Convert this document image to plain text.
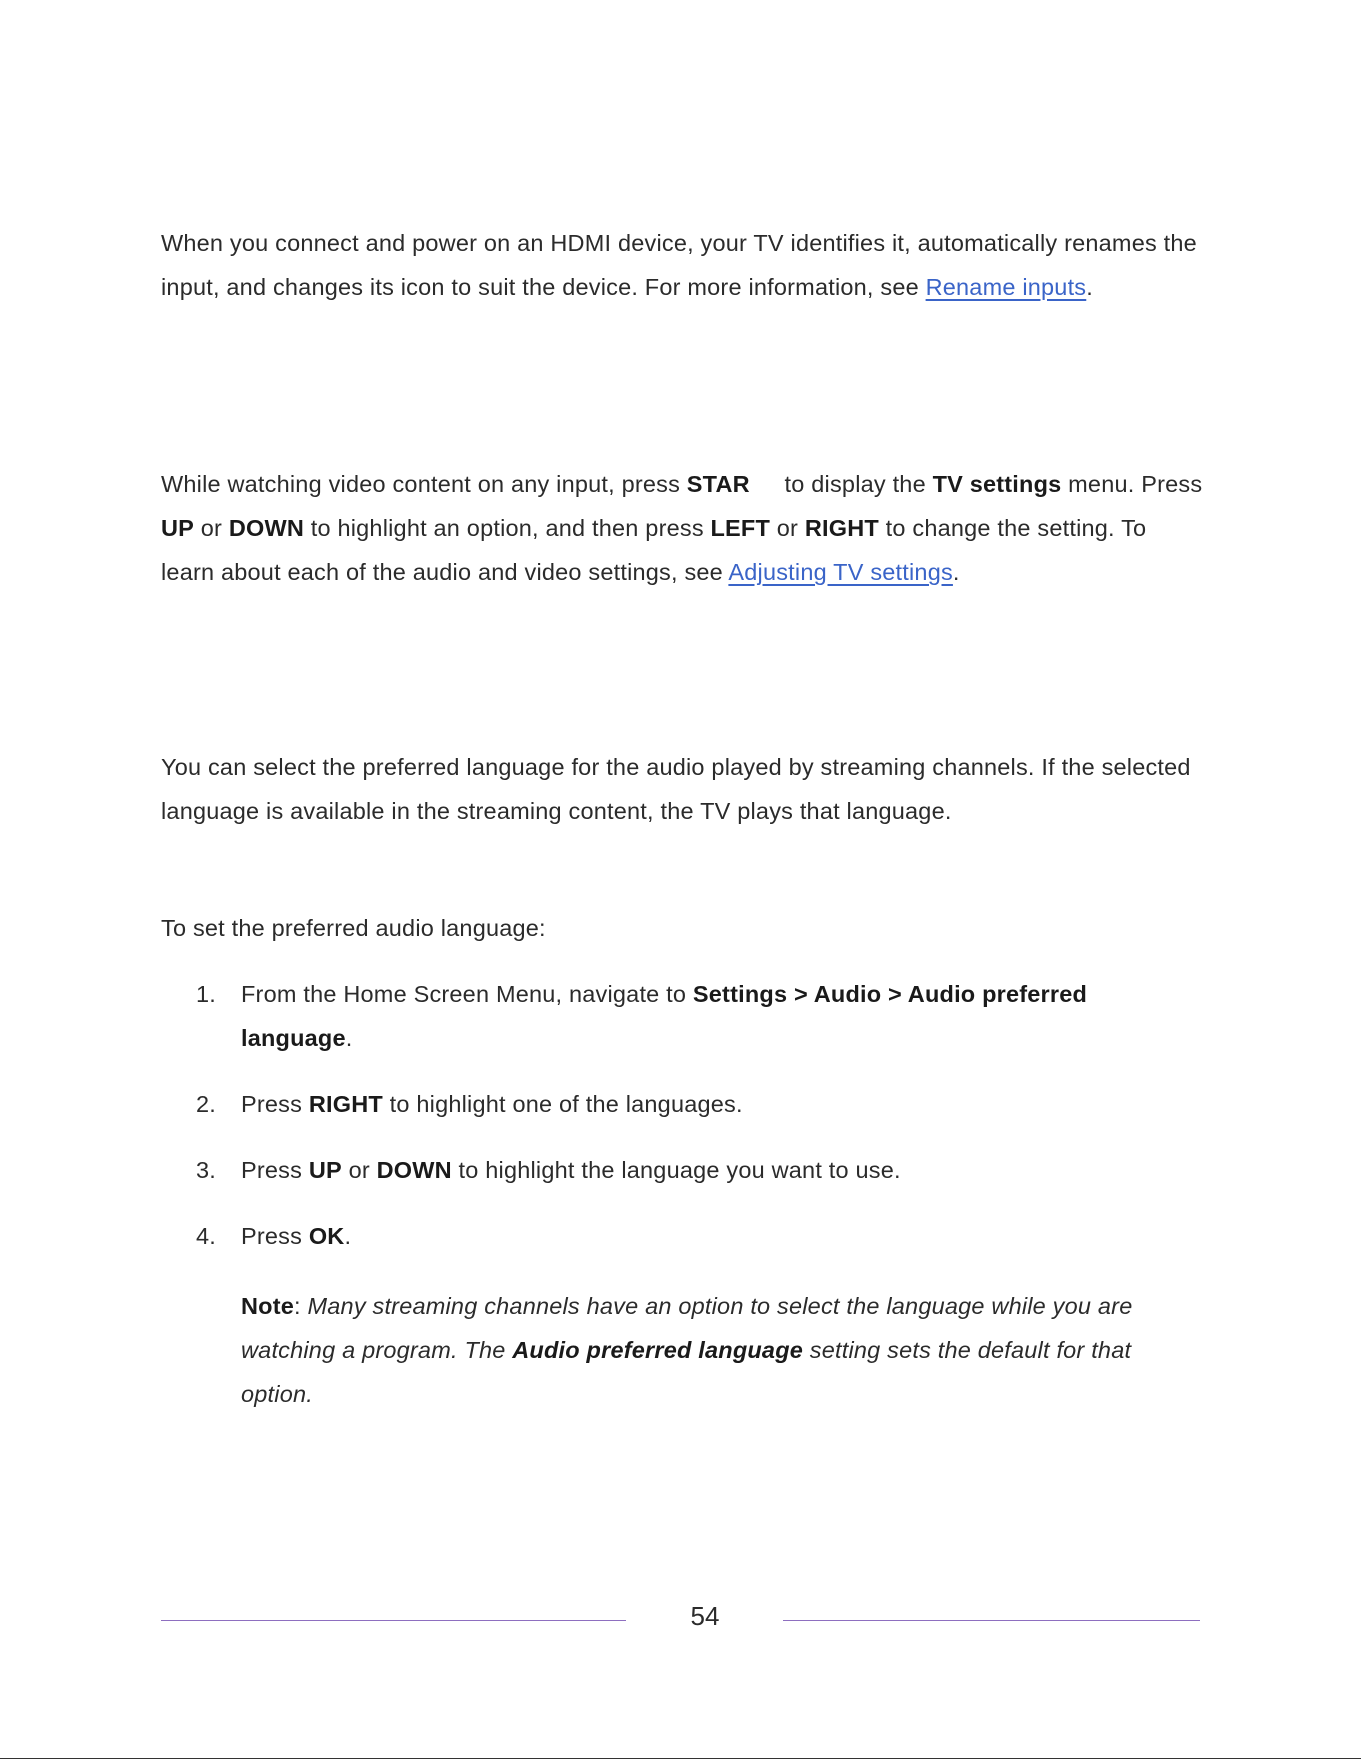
When you connect and power on an HDMI device, your TV identifies it, automatically renames the input, and changes its icon to suit the device. For more information, see Rename inputs.

While watching video content on any input, press STAR to display the TV settings menu. Press UP or DOWN to highlight an option, and then press LEFT or RIGHT to change the setting. To learn about each of the audio and video settings, see Adjusting TV settings.

You can select the preferred language for the audio played by streaming channels. If the selected language is available in the streaming content, the TV plays that language.

To set the preferred audio language:

1. From the Home Screen Menu, navigate to Settings > Audio > Audio preferred language.
2. Press RIGHT to highlight one of the languages.
3. Press UP or DOWN to highlight the language you want to use.
4. Press OK.

Note: Many streaming channels have an option to select the language while you are watching a program. The Audio preferred language setting sets the default for that option.

54
